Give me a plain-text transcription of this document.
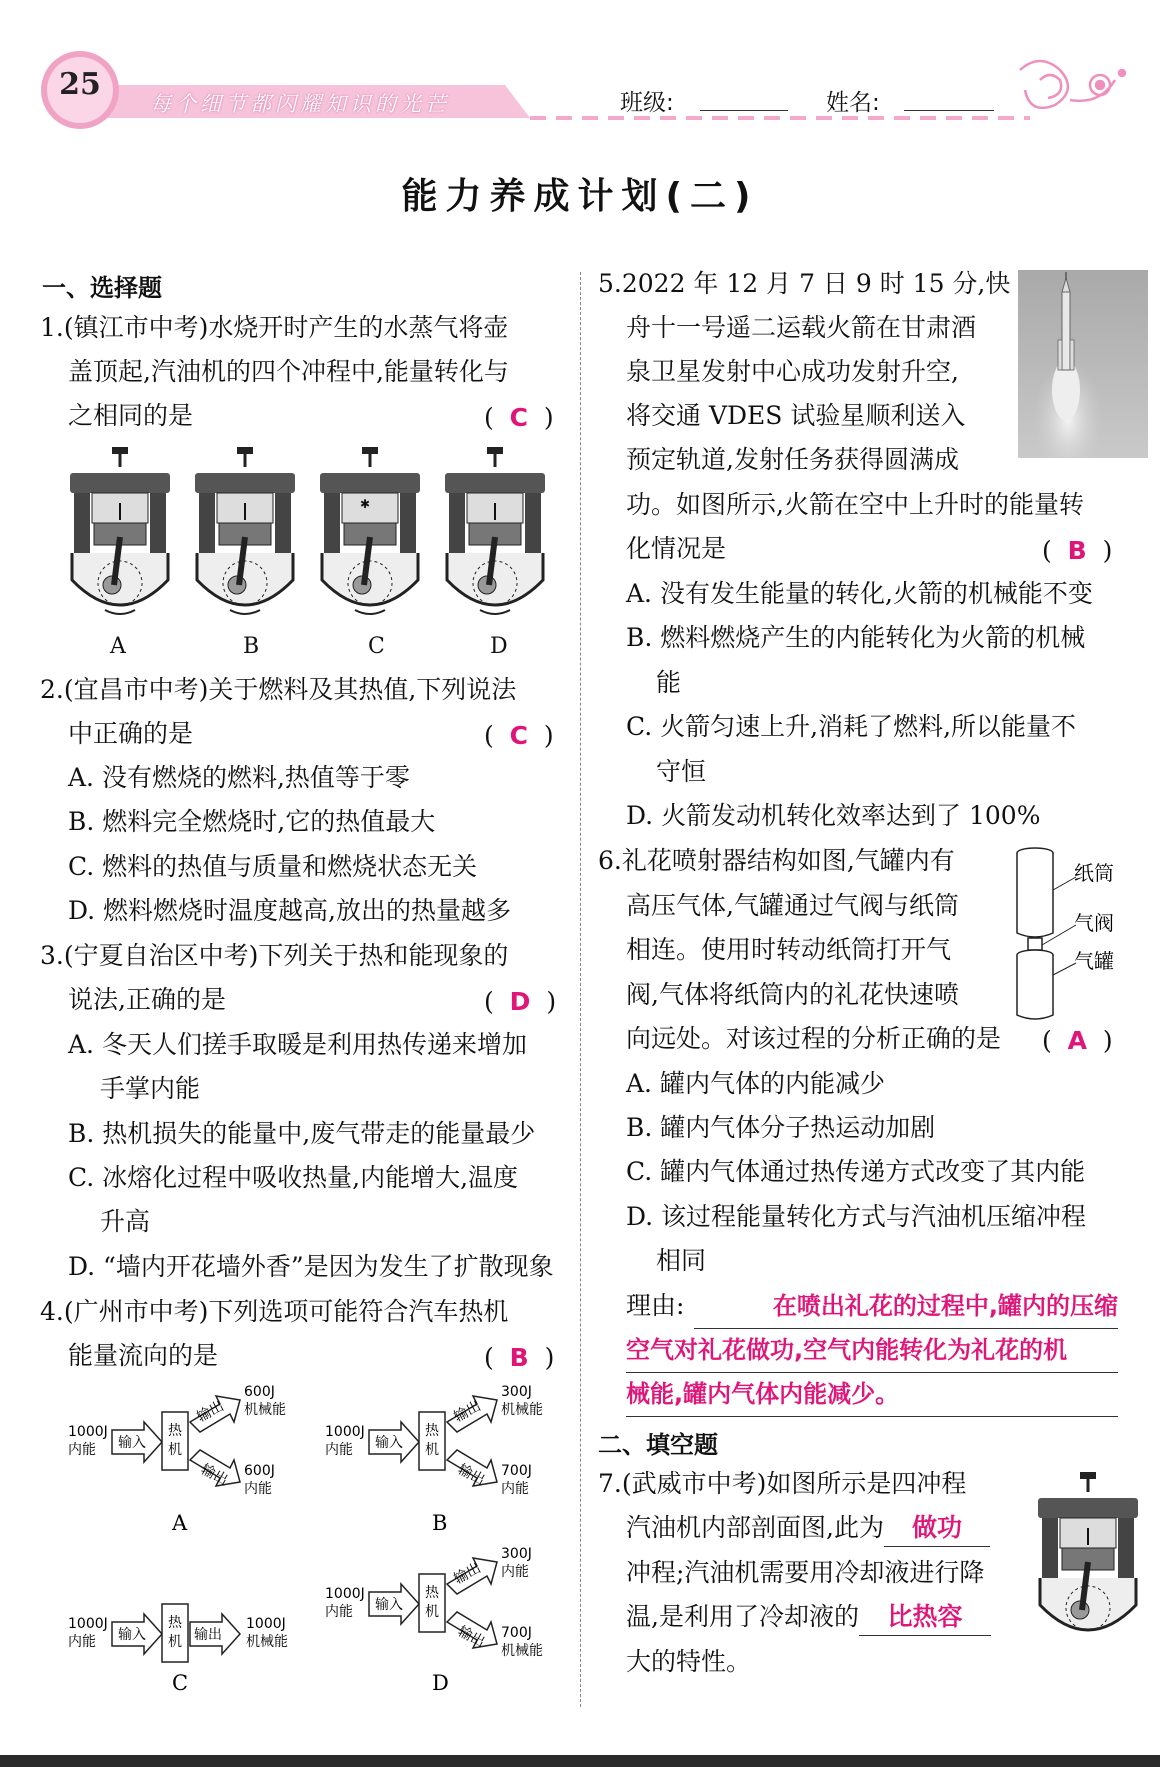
25
每个细节都闪耀知识的光芒	班级:	姓名:
能力养成计划(二)
一、选择题
1.(镇江市中考)水烧开时产生的水蒸气将壶
盖顶起,汽油机的四个冲程中,能量转化与
之相同的是	(  C  )
✱
A	B	C	D
2.(宜昌市中考)关于燃料及其热值,下列说法
中正确的是	(  C  )
A. 没有燃烧的燃料,热值等于零
B. 燃料完全燃烧时,它的热值最大
C. 燃料的热值与质量和燃烧状态无关
D. 燃料燃烧时温度越高,放出的热量越多
3.(宁夏自治区中考)下列关于热和能现象的
说法,正确的是	(  D  )
A. 冬天人们搓手取暖是利用热传递来增加
手掌内能
B. 热机损失的能量中,废气带走的能量最少
C. 冰熔化过程中吸收热量,内能增大,温度
升高
D. “墙内开花墙外香”是因为发生了扩散现象
4.(广州市中考)下列选项可能符合汽车热机
能量流向的是	(  B  )
1000J
内能 输入
热
机
输出
输出
600J
机械能
600J
内能
A
1000J
内能 输入
热
机
输出
输出
300J
机械能
700J
内能
B
1000J
内能 输入
热
机 输出
1000J
机械能
C
1000J
内能 输入
热
机
输出
输出
300J
内能
700J
机械能
D
5.2022 年 12 月 7 日 9 时 15 分,快
舟十一号遥二运载火箭在甘肃酒
泉卫星发射中心成功发射升空,
将交通 VDES 试验星顺利送入
预定轨道,发射任务获得圆满成
功。如图所示,火箭在空中上升时的能量转
化情况是	(  B  )
A. 没有发生能量的转化,火箭的机械能不变
B. 燃料燃烧产生的内能转化为火箭的机械
能
C. 火箭匀速上升,消耗了燃料,所以能量不
守恒
D. 火箭发动机转化效率达到了 100%
6.礼花喷射器结构如图,气罐内有
高压气体,气罐通过气阀与纸筒
相连。使用时转动纸筒打开气
阀,气体将纸筒内的礼花快速喷
向远处。对该过程的分析正确的是 (  A  )
纸筒
气阀
气罐
A. 罐内气体的内能减少
B. 罐内气体分子热运动加剧
C. 罐内气体通过热传递方式改变了其内能
D. 该过程能量转化方式与汽油机压缩冲程
相同
理由:	在喷出礼花的过程中,罐内的压缩
空气对礼花做功,空气内能转化为礼花的机
械能,罐内气体内能减少。
二、填空题
7.(武威市中考)如图所示是四冲程
汽油机内部剖面图,此为 做功
冲程;汽油机需要用冷却液进行降
温,是利用了冷却液的 比热容
大的特性。
